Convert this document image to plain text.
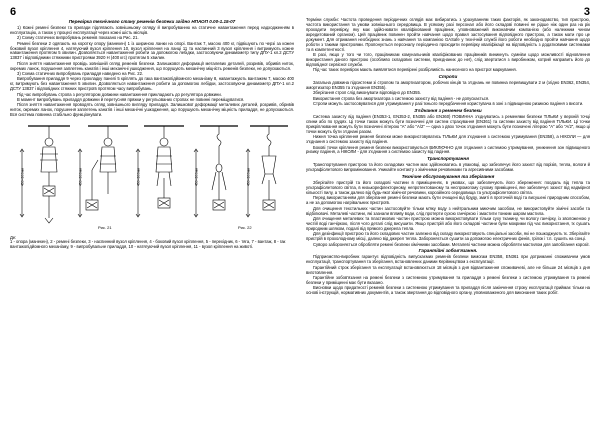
6
Перевірка технічного стану ременів безпеки згідно НПАОП 0.00-1.15-07

1) Кожні ремені безпеки та прилади підлягають зовнішньому огляду й випробуванню на статичне навантаження перед надходженням в експлуатацію, а також у процесі експлуатації через кожні шість місяців.

2) Схему статичних випробувань ременів показано на Рис. 21.

Ремені безпеки 2 одягають на коротку опору (манекен) 1 із шириною ланки на опорі. Вантаж 7, масою 400 кг, підвішують по черзі за кожен боковий вузол кріплення 4, натягуючий вузол кріплення 10, вузол кріплення на ланці 11 та наспинний 3 вузол кріплення і витримують кожне навантаження протягом 5 хвилин. Дозволяється навантаження робити за допомогою лебідки, застосовуючи динамометр типу ДПУ-1 кл.2 ДСТУ 13837 і відповідними стяжними пристроями 3920 Н (400 кгс) протягом 5 хвилин.

Після зняття навантаження провідь зовнішній огляд ременів безпеки. Залишкової деформації металевих деталей, розривів, обривів ниток, окремих ланок, порушення заплетень канатів і інші механічні ушкодження, що порушують механічну міцність ременів безпеки, не допускаються.

3) Схема статичних випробувань приладдя наведено на Рис. 22.

Випробування приладдя 9 через прокладку панелі 5 кріплять до гака вантажопідйомного механізму 8, навантажують вантажем 7, масою 400 кг, витримують без навантаження 5 хвилин. Дозволяється навантаження робити за допомогою лебідки, застосовуючи динамометр ДПУ-1 кл.2 ДСТУ 13837 і відповідних стяжних пристроїв протягом часу випробувань.

Під час випробувань стропа з регулятором довжини навантаження прикладають до регулятора довжини.

В момент випробувань приладдя довжини й перетусняя пряжки у регульованих стропах не повинні переміщуватися.

Після зняття навантаження проводять огляд зовнішнього вигляду приладдя. Залишкової деформації металевих деталей, розривів, обривів ниток, окремих ланок, порушення заплетень канатів і інші механічні ушкодження, що порушують механічну міцність приладдя, не допускаються. Вся система повинна стабільно функціонувати.

450–300мм	450–300мм	450–300мм	450–300мм	450–300мм
Рис. 21	Рис. 22
Де:
1 - опора (манекен), 2 - ремені безпеки, 3 - наспинний вузол кріплення, 4 - боковий вузол кріплення, 5 - перехідник, 6 - тяга, 7 - вантаж, 8 - гак вантажопідйомного механізму, 9 - випробувальне приладдя, 10 - натягуючий вузол кріплення, 11 - вузол кріплення на животі.
3

Терміни служби: Частота проведення періодичних оглядів має вибиратись з урахуванням таких факторів, як законодавство, тип пристрою, частота використання та умови зовнішнього середовища. В усякому разі персонал або його складові повинні не рідше ніж один раз на рік проходити перевірку, яку має здійснювати кваліфікований працівник, уповноважений виконавчим компанією (або належним чином акредитований органом). Цей працівник повинен пройти навчання щодо правил застосування відповідного пристрою, а також мати про це документ. Для отримання необхідних знань з навчання та компанією GASafe у технічній службі його роботи необхідно пройти навчання щодо роботи з такими пристроями. Пропонується персоналу періодично проходити перевірку кваліфікації на відповідність з додатковими системами та в компетентності.

В разі, якщо у того чи того, працівникам комунальників кваліфікованих працівників виникнуть сумніви щодо можливості відновлення використання даного пристрою (особливо складових системи, приєднаних до неї), слід звертатися з виробником, котрий направить його до відповідної сервісної служби.

Під час таких перевірок мають виявлятися перевірені розбірливість нанесеного на пристрої маркування.

Стропи

Загальна довжина підсистеми зі стропом та амортизатором, робочих кінців та з'єднань не повинна перевищувати 2 м (згідно EN362, EN354, амортизатор EN355 та з'єднання EN355).

Зберігання строп слід виконувати відповідно до EN355.

Використання стропа без амортизатора з системою захисту від падіння - не допускається.

Стропи можуть застосовуватися для утримування у разі їхнього передбачення користувача в зоні з підвищеною ризикою падіння з висоти.

З'єднання з ременем безпеки

Система захисту від падіння (EN353-1, EN353-2, EN355 або EN360) ПОВИННА з'єднуватись з ременями безпеки ТІЛЬКИ у верхній точці спини або по грудях. Ці точки також можуть бути позначені для систем страхування (EN361) та системи захисту від падіння ТІЛЬКИ. Ці точки прикріплювання можуть бути позначені літерою "A" або "A/2" — одна з двох точок з'єднання можуть бути позначені літерою "A" або "A/2", якщо ці точки можуть бути з'єднані разом.

Нижня точка кріплення ременя безпеки може використовуватись ТІЛЬКИ для з'єднання з системою утримування (EN358), а НІКОЛИ — для з'єднання з системою захисту від падіння.

Бокові точки кріплення ременя безпеки використовуються ВИКЛЮЧНО для з'єднання з системою утримування, уникнення зон підвищеного ризику падіння, а НІКОЛИ - для з'єднання з системою захисту від падіння.

Транспортування

Транспортування пристрою та його складових частин має здійснюватись в упаковці, що забезпечує його захист від порізів, тепла, вологи й ультрафіолетового випромінювання. Уникайте контакту з хімічними речовинами та агресивними засобами.

Технічне обслуговування та зберігання

Зберігайте пристрій та його складові частини в приміщеннях, в умовах, що забезпечують його збереження: поодаль від тепла та ультрафіолетового світла, в низькорефлекторному, непротектованому та неспромогому сухому приміщенні, яке забезпечує захист від надмірної кількості пилу, а також далеко від будь-якої хімічної речовини, корозійного середовища та ультрафіолетового світла.

Перед використанням для зберігання ремені безпеки мають бути очищені від бруду, змиті в проточній воді та висушені природним способом, а не за допомогою нагрівальних пристроїв.

Для очищення текстильних частин застосовуйте тільки м'яку воду з нейтральним миючим засобом, не використовуйте хімічні засоби та відбілювачі. Металеві частини, які зазнали впливу води, слід протерти сухою ганчіркою і змастити тонким шаром мастила.

Для очищення металевих та пластикових частин пристрою можна використовувати тільки суху тканину, чи вологу ганчірку, із зволоженою у чистій воді ганчіркою, після чого деталі слід висушити. Якщо пристрій або його складові частини були мокрими під час використання, їх сушать природним шляхом, подалі від прямого джерела тепла.

Для дезінфекції пристрою та його складових частин залежно від складу використовують спеціальні засоби, які не пошкоджують їх. Зберігайте пристрій в прохолодному місці, далеко від джерел тепла. Забороняється сушити за допомогою електричних фенів, грілок і т.п. сушить на сонці.

Суворо забороняється обробляти ремені безпеки хімічними засобами. Металеві частини можна обробляти мастилом для запобігання корозії.

Гарантійні зобов'язання.

Підприємство-виробник гарантує відповідність випускаємих ременів безпеки вимогам EN358, EN361 при дотриманні споживачем умов експлуатації, транспортування та зберігання, встановлених даними Керівництвом з експлуатації.

Гарантійний строк зберігання та експлуатації встановлюється 18 місяців з дня відвантаження споживачеві, але не більше 24 місяців з дня виготовлення.

Гарантійне зобов'язання на ремені безпеки з системною утримування та приладдя з ремені безпеки з системою утримування та ремені безпеки у приміщенні має бути вказано.

Висновки щодо придатності ременів безпеки з системною утримування та приладдя після закінчення строку експлуатації приймає тільки на основі інструкцій, нормативних документів, а також звертання до відповідного органу, уповноваженого для виконання таких робіт.
